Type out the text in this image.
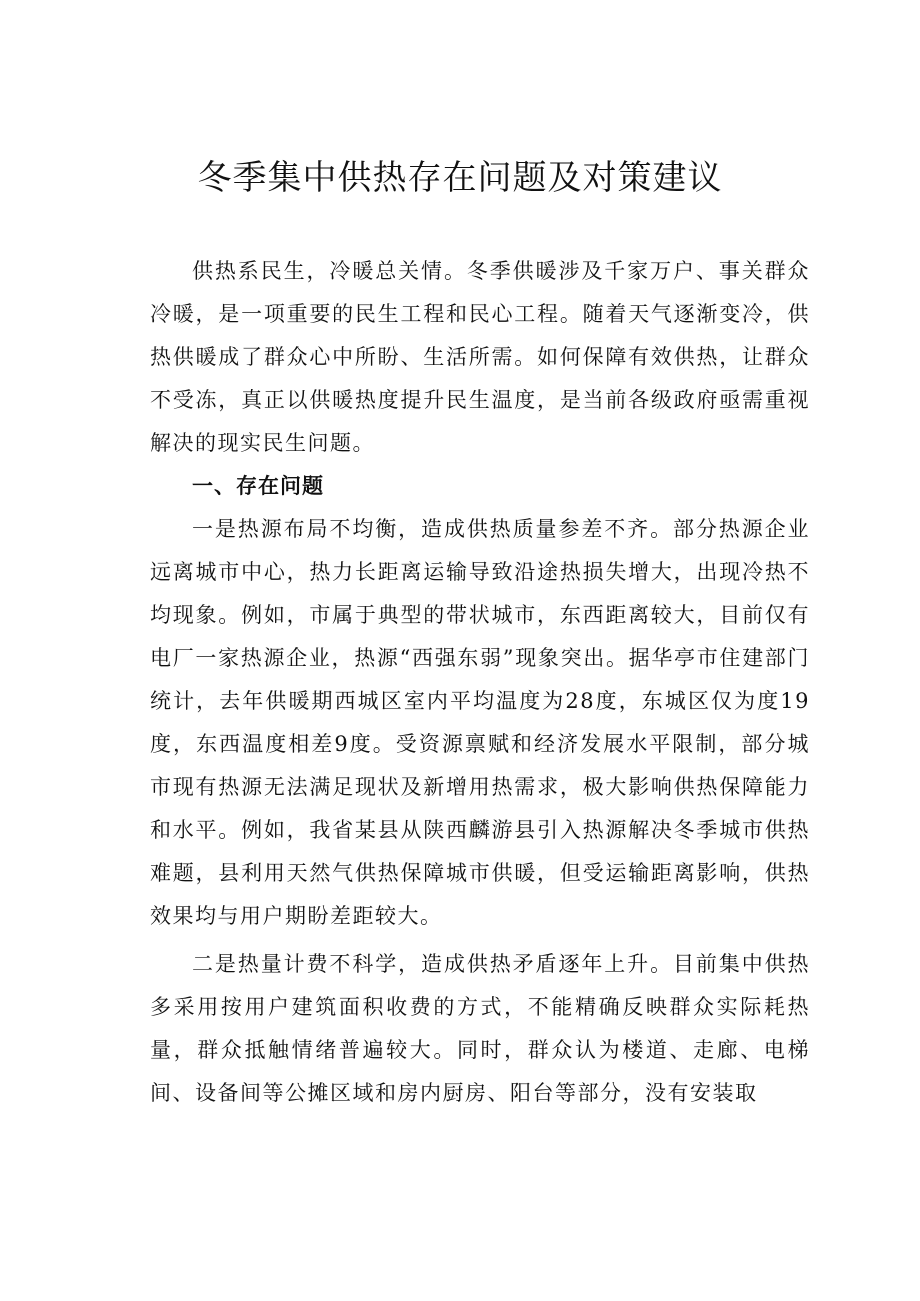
冬季集中供热存在问题及对策建议

供热系民生，冷暖总关情。冬季供暖涉及千家万户、事关群众冷暖，是一项重要的民生工程和民心工程。随着天气逐渐变冷，供热供暖成了群众心中所盼、生活所需。如何保障有效供热，让群众不受冻，真正以供暖热度提升民生温度，是当前各级政府亟需重视解决的现实民生问题。

一、存在问题

一是热源布局不均衡，造成供热质量参差不齐。部分热源企业远离城市中心，热力长距离运输导致沿途热损失增大，出现冷热不均现象。例如，市属于典型的带状城市，东西距离较大，目前仅有电厂一家热源企业，热源“西强东弱”现象突出。据华亭市住建部门统计，去年供暖期西城区室内平均温度为28度，东城区仅为度19度，东西温度相差9度。受资源禀赋和经济发展水平限制，部分城市现有热源无法满足现状及新增用热需求，极大影响供热保障能力和水平。例如，我省某县从陕西麟游县引入热源解决冬季城市供热难题，县利用天然气供热保障城市供暖，但受运输距离影响，供热效果均与用户期盼差距较大。

二是热量计费不科学，造成供热矛盾逐年上升。目前集中供热多采用按用户建筑面积收费的方式，不能精确反映群众实际耗热量，群众抵触情绪普遍较大。同时，群众认为楼道、走廊、电梯间、设备间等公摊区域和房内厨房、阳台等部分，没有安装取
